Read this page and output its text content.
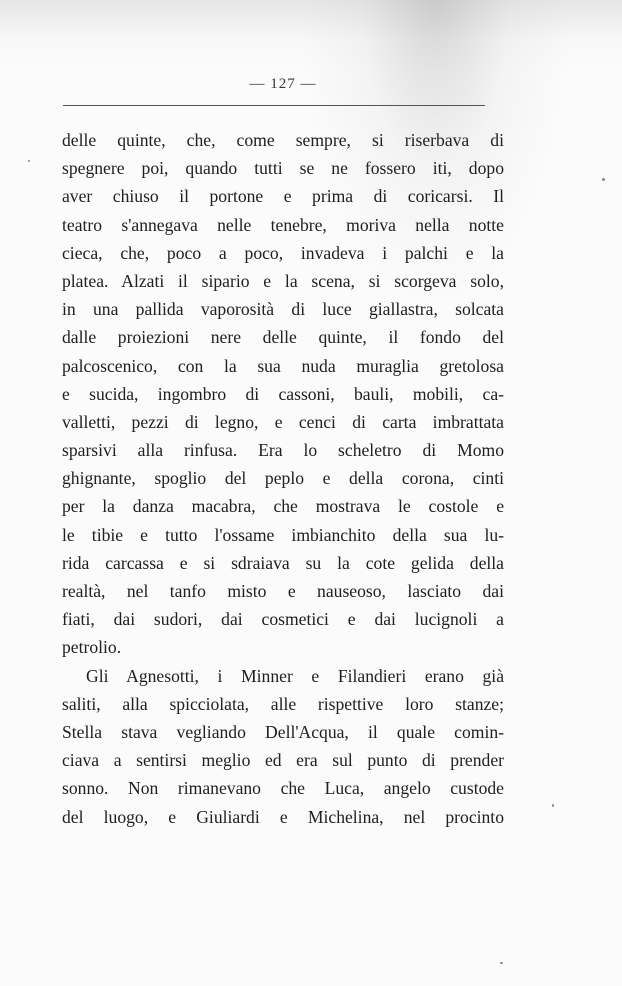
— 127 —
delle quinte, che, come sempre, si riserbava di
spegnere poi, quando tutti se ne fossero iti, dopo
aver chiuso il portone e prima di coricarsi. Il
teatro s'annegava nelle tenebre, moriva nella notte
cieca, che, poco a poco, invadeva i palchi e la
platea. Alzati il sipario e la scena, si scorgeva solo,
in una pallida vaporosità di luce giallastra, solcata
dalle proiezioni nere delle quinte, il fondo del
palcoscenico, con la sua nuda muraglia gretolosa
e sucida, ingombro di cassoni, bauli, mobili, ca-
valletti, pezzi di legno, e cenci di carta imbrattata
sparsivi alla rinfusa. Era lo scheletro di Momo
ghignante, spoglio del peplo e della corona, cinti
per la danza macabra, che mostrava le costole e
le tibie e tutto l'ossame imbianchito della sua lu-
rida carcassa e si sdraiava su la cote gelida della
realtà, nel tanfo misto e nauseoso, lasciato dai
fiati, dai sudori, dai cosmetici e dai lucignoli a
petrolio.
Gli Agnesotti, i Minner e Filandieri erano già
saliti, alla spicciolata, alle rispettive loro stanze;
Stella stava vegliando Dell'Acqua, il quale comin-
ciava a sentirsi meglio ed era sul punto di prender
sonno. Non rimanevano che Luca, angelo custode
del luogo, e Giuliardi e Michelina, nel procinto
